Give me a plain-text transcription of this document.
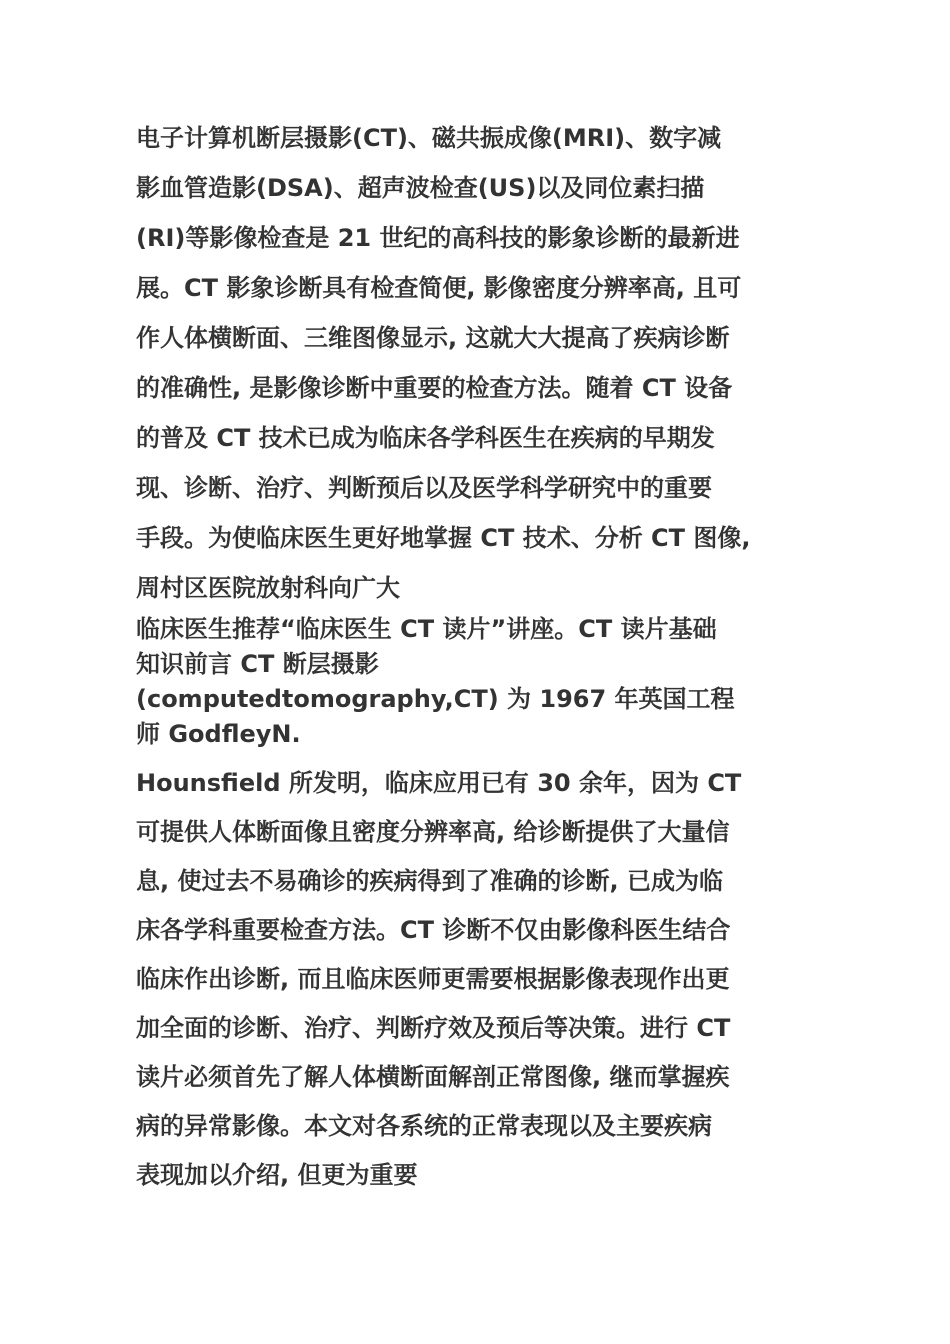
电子计算机断层摄影(CT)、磁共振成像(MRI)、数字减

影血管造影(DSA)、超声波检查(US)以及同位素扫描

(RI)等影像检查是 21 世纪的高科技的影象诊断的最新进

展。CT 影象诊断具有检查简便, 影像密度分辨率高, 且可

作人体横断面、三维图像显示, 这就大大提高了疾病诊断

的准确性, 是影像诊断中重要的检查方法。随着 CT 设备

的普及 CT 技术已成为临床各学科医生在疾病的早期发

现、诊断、治疗、判断预后以及医学科学研究中的重要

手段。为使临床医生更好地掌握 CT 技术、分析 CT 图像,

周村区医院放射科向广大

临床医生推荐“临床医生 CT 读片”讲座。CT 读片基础

知识前言 CT 断层摄影

(computedtomography,CT) 为 1967 年英国工程

师 GodfleyN.

Hounsfield 所发明，临床应用已有 30 余年，因为 CT

可提供人体断面像且密度分辨率高, 给诊断提供了大量信

息, 使过去不易确诊的疾病得到了准确的诊断, 已成为临

床各学科重要检查方法。CT 诊断不仅由影像科医生结合

临床作出诊断, 而且临床医师更需要根据影像表现作出更

加全面的诊断、治疗、判断疗效及预后等决策。进行 CT

读片必须首先了解人体横断面解剖正常图像, 继而掌握疾

病的异常影像。本文对各系统的正常表现以及主要疾病

表现加以介绍, 但更为重要
